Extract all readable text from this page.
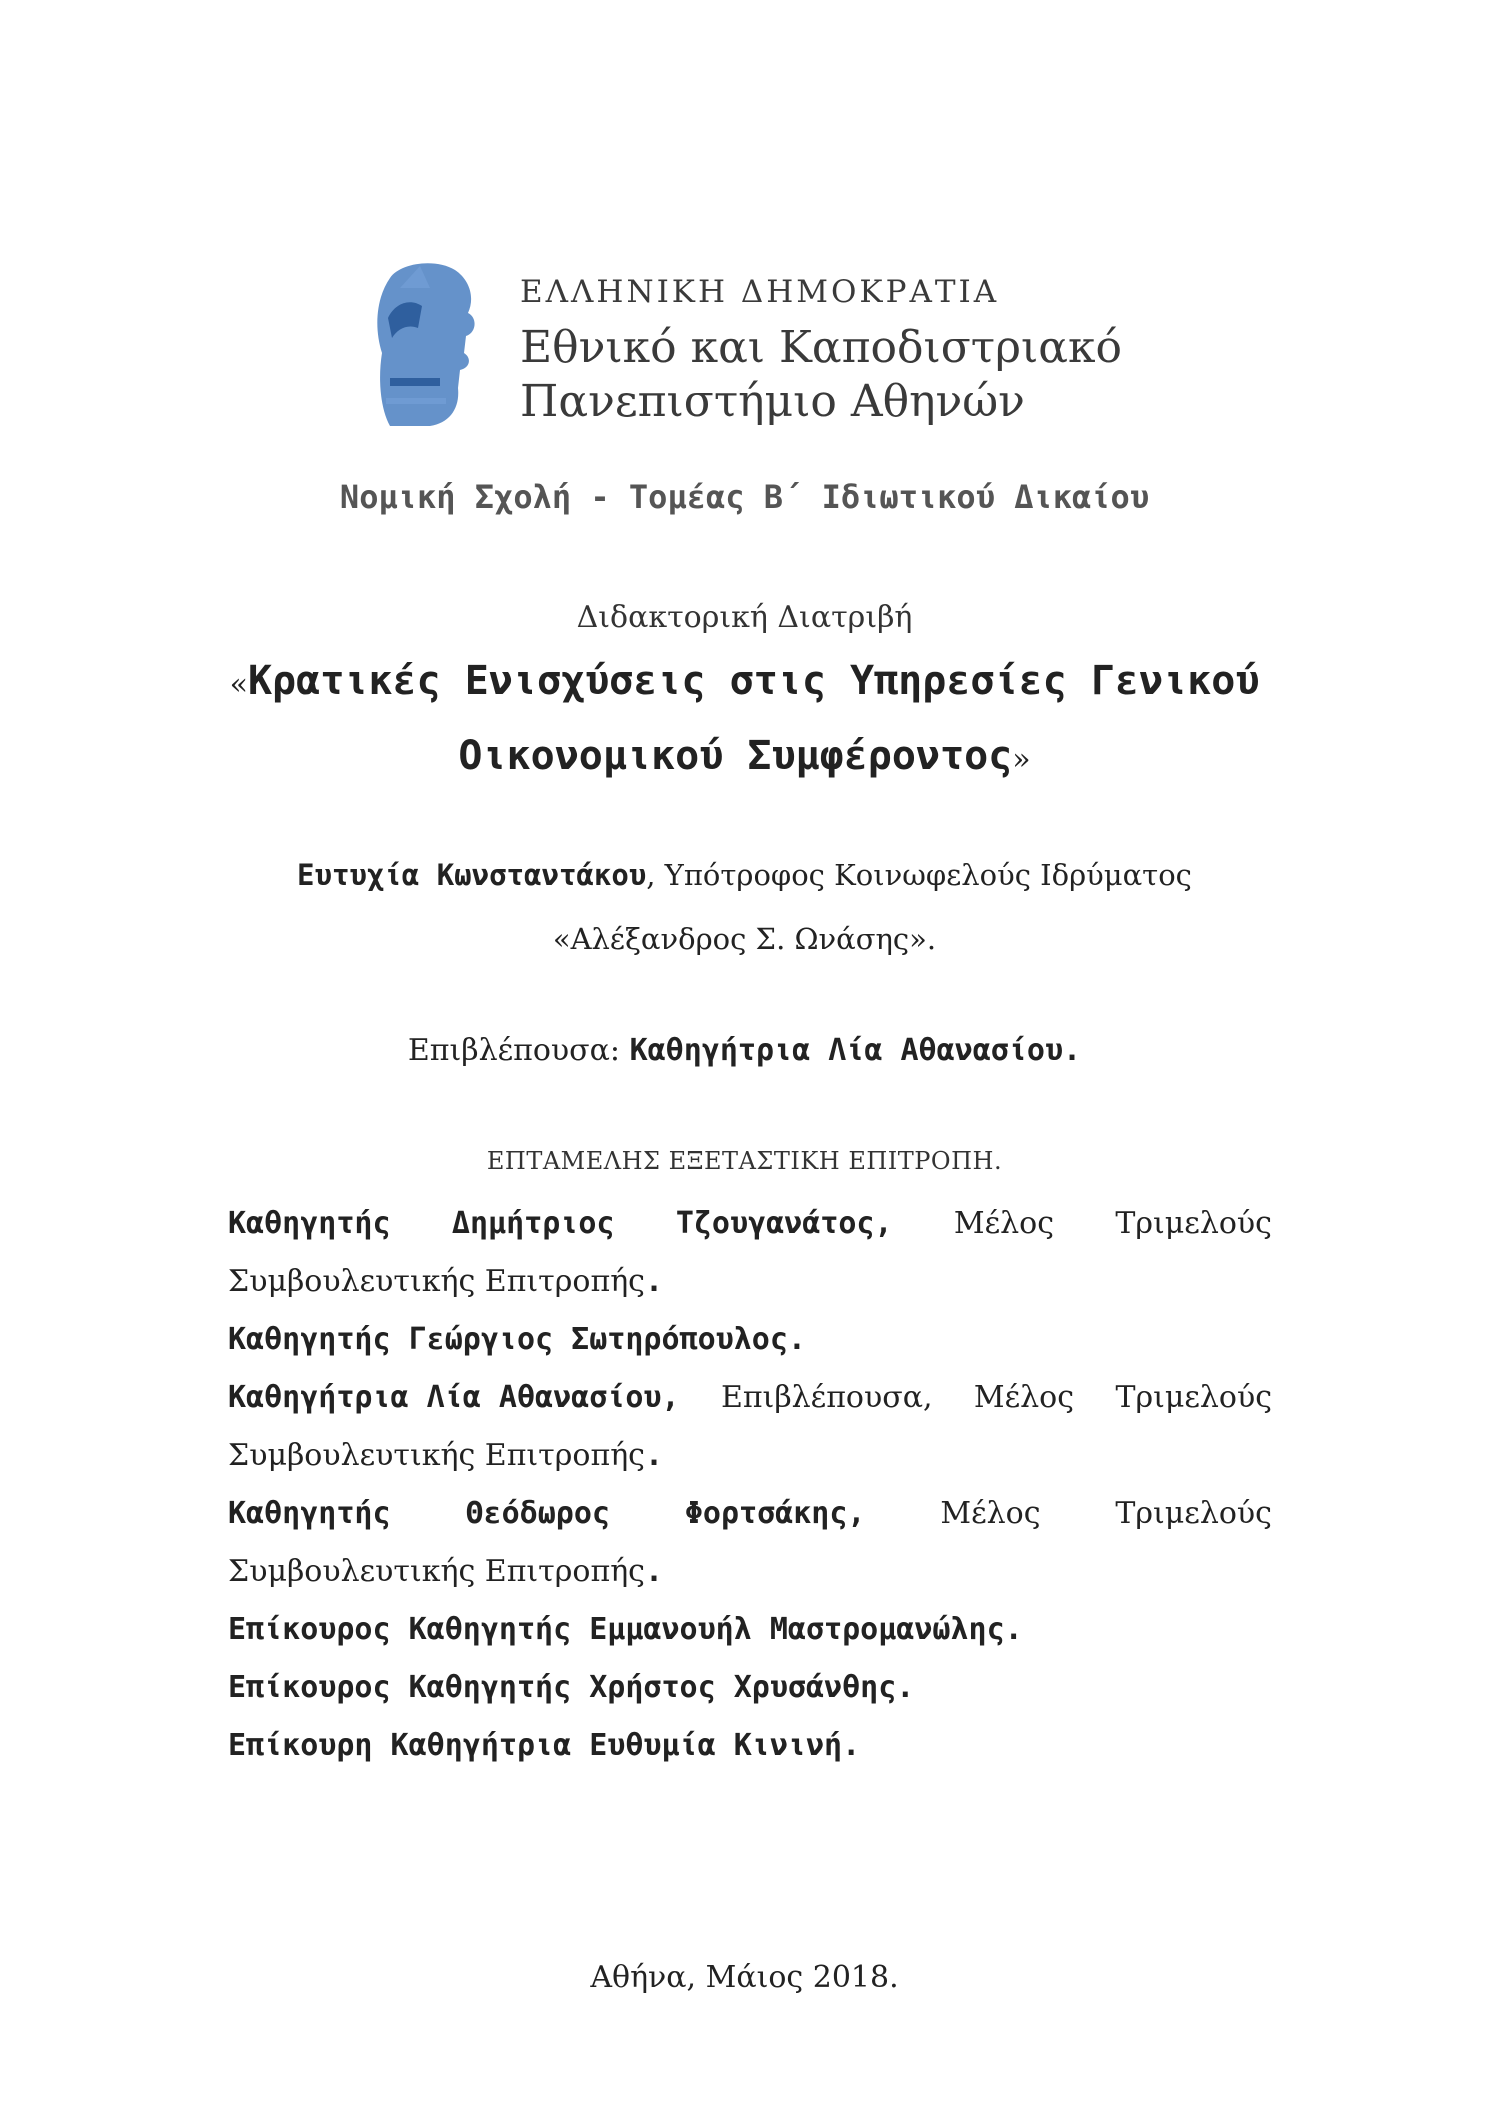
ΕΛΛΗΝΙΚΗ ΔΗΜΟΚΡΑΤΙΑ
Εθνικό και Καποδιστριακό
Πανεπιστήμιο Αθηνών
Νομική Σχολή - Τομέας Β΄ Ιδιωτικού Δικαίου
Διδακτορική Διατριβή
«Κρατικές Ενισχύσεις στις Υπηρεσίες Γενικού
Οικονομικού Συμφέροντος»
Ευτυχία Κωνσταντάκου, Υπότροφος Κοινωφελούς Ιδρύματος
«Αλέξανδρος Σ. Ωνάσης».
Επιβλέπουσα: Καθηγήτρια Λία Αθανασίου.
ΕΠΤΑΜΕΛΗΣ ΕΞΕΤΑΣΤΙΚΗ ΕΠΙΤΡΟΠΗ.
Καθηγητής Δημήτριος Τζουγανάτος, Μέλος Τριμελούς
Συμβουλευτικής Επιτροπής.
Καθηγητής Γεώργιος Σωτηρόπουλος.
Καθηγήτρια Λία Αθανασίου, Επιβλέπουσα, Μέλος Τριμελούς
Συμβουλευτικής Επιτροπής.
Καθηγητής Θεόδωρος Φορτσάκης, Μέλος Τριμελούς
Συμβουλευτικής Επιτροπής.
Επίκουρος Καθηγητής Εμμανουήλ Μαστρομανώλης.
Επίκουρος Καθηγητής Χρήστος Χρυσάνθης.
Επίκουρη Καθηγήτρια Ευθυμία Κινινή.
Αθήνα, Μάιος 2018.
